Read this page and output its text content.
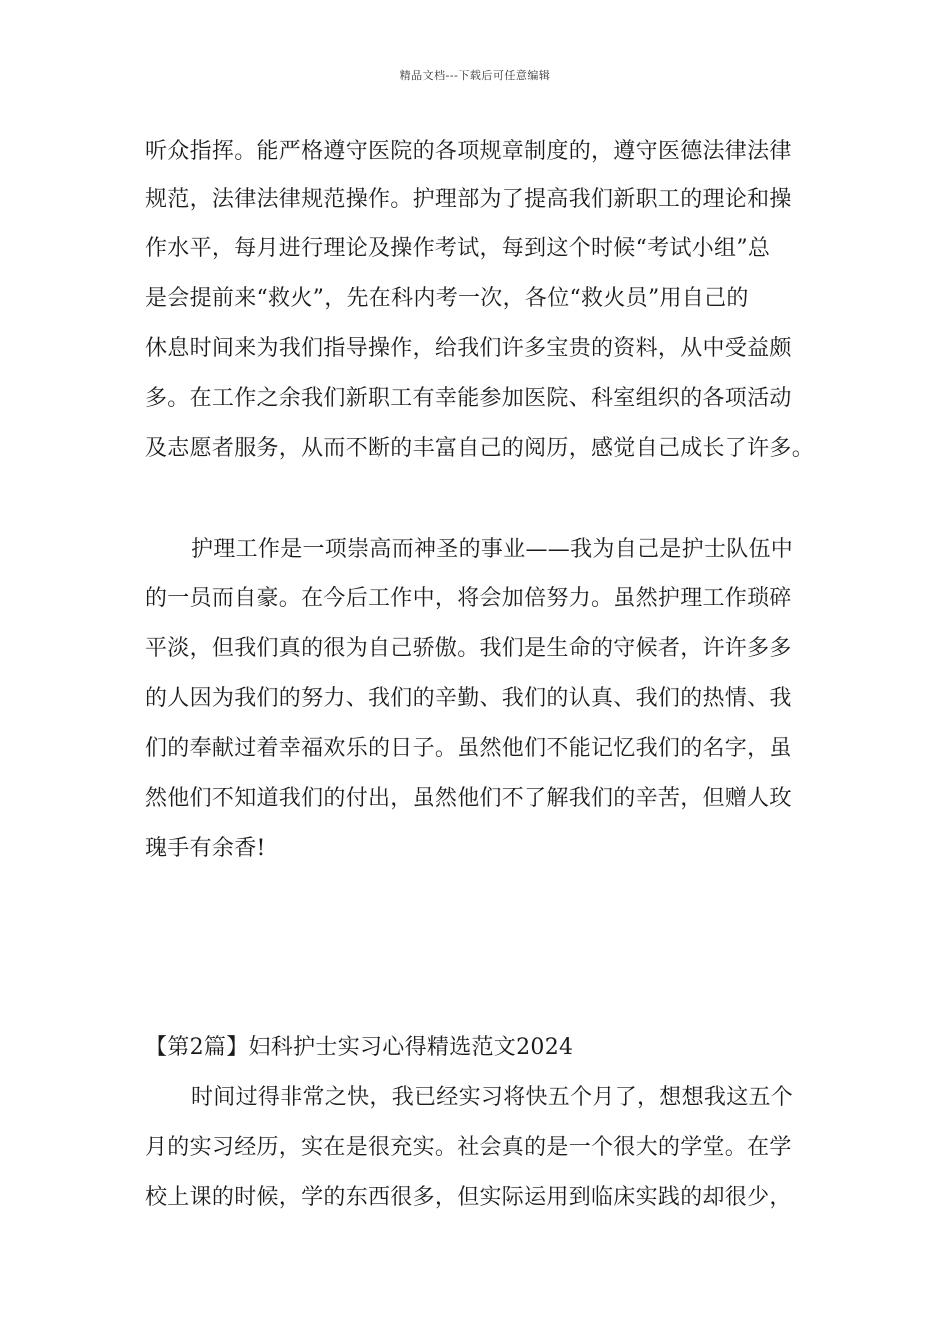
精品文档---下载后可任意编辑
听众指挥。能严格遵守医院的各项规章制度的，遵守医德法律法律
规范，法律法律规范操作。护理部为了提高我们新职工的理论和操
作水平，每月进行理论及操作考试，每到这个时候“考试小组”总
是会提前来“救火”，先在科内考一次，各位“救火员”用自己的
休息时间来为我们指导操作，给我们许多宝贵的资料，从中受益颇
多。在工作之余我们新职工有幸能参加医院、科室组织的各项活动
及志愿者服务，从而不断的丰富自己的阅历，感觉自己成长了许多。
护理工作是一项崇高而神圣的事业——我为自己是护士队伍中
的一员而自豪。在今后工作中，将会加倍努力。虽然护理工作琐碎
平淡，但我们真的很为自己骄傲。我们是生命的守候者，许许多多
的人因为我们的努力、我们的辛勤、我们的认真、我们的热情、我
们的奉献过着幸福欢乐的日子。虽然他们不能记忆我们的名字，虽
然他们不知道我们的付出，虽然他们不了解我们的辛苦，但赠人玫
瑰手有余香!
【第2篇】妇科护士实习心得精选范文2024
时间过得非常之快，我已经实习将快五个月了，想想我这五个
月的实习经历，实在是很充实。社会真的是一个很大的学堂。在学
校上课的时候，学的东西很多，但实际运用到临床实践的却很少，
